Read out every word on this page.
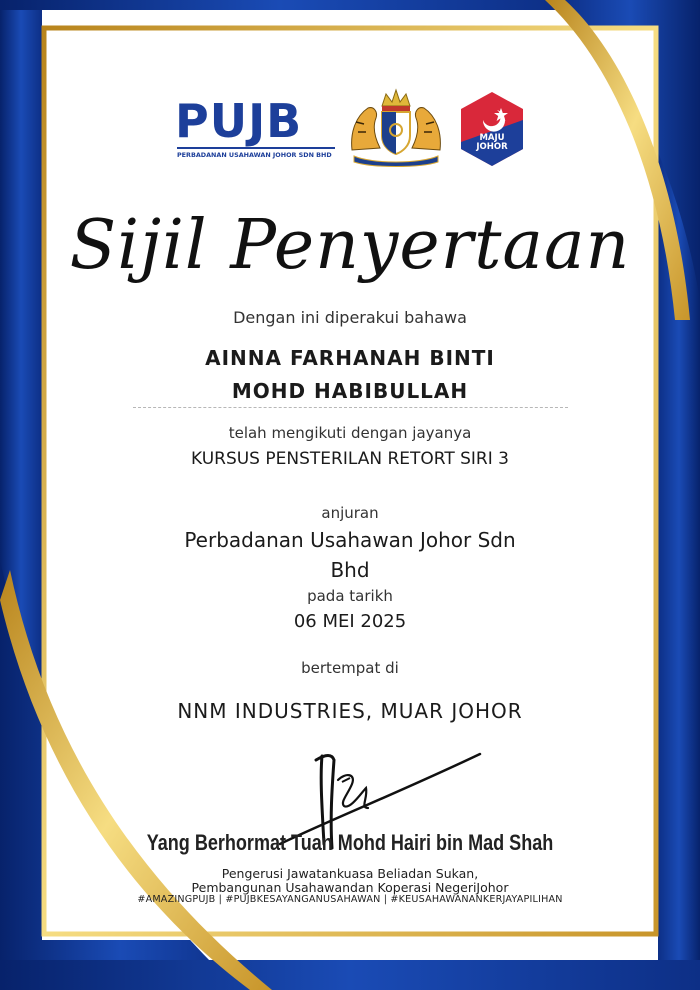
PUJB
PERBADANAN USAHAWAN JOHOR SDN BHD
MAJU
JOHOR
Sijil Penyertaan
Dengan ini diperakui bahawa
AINNA FARHANAH BINTI
MOHD HABIBULLAH
telah mengikuti dengan jayanya
KURSUS PENSTERILAN RETORT SIRI 3
anjuran
Perbadanan Usahawan Johor Sdn
Bhd
pada tarikh
06 MEI 2025
bertempat di
NNM INDUSTRIES, MUAR JOHOR
Yang Berhormat Tuan Mohd Hairi bin Mad Shah
Pengerusi Jawatankuasa Beliadan Sukan,
Pembangunan Usahawandan Koperasi NegeriJohor
#AMAZINGPUJB | #PUJBKESAYANGANUSAHAWAN | #KEUSAHAWANANKERJAYAPILIHAN
